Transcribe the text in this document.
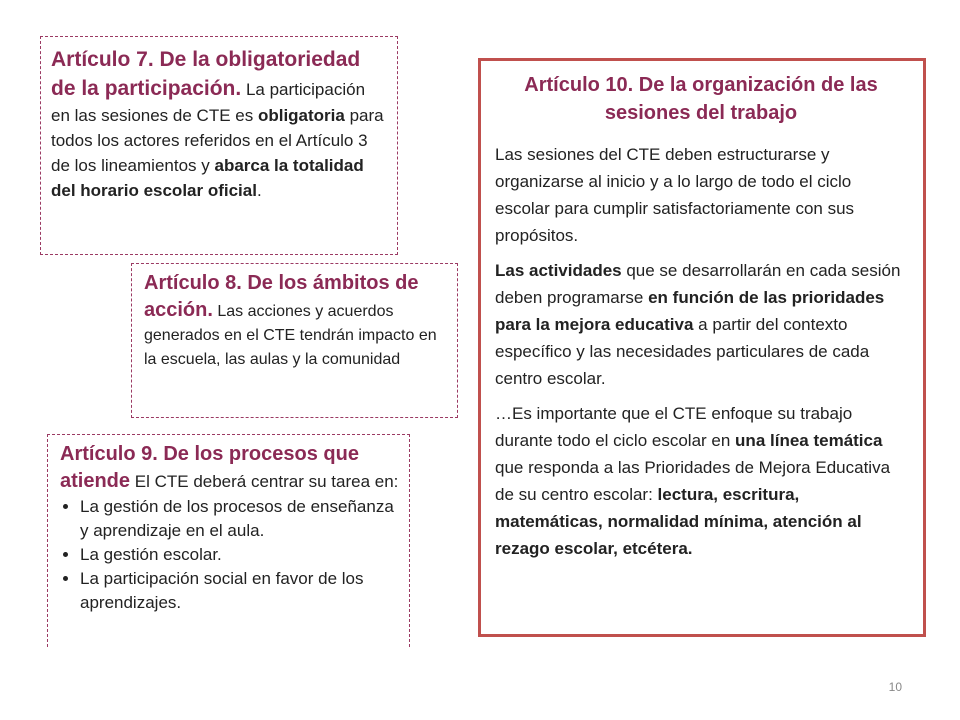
Artículo 7. De la obligatoriedad de la participación. La participación en las sesiones de CTE es obligatoria para todos los actores referidos en el Artículo 3 de los lineamientos y abarca la totalidad del horario escolar oficial.

Artículo 8. De los ámbitos de acción. Las acciones y acuerdos generados en el CTE tendrán impacto en la escuela, las aulas y la comunidad

Artículo 9. De los procesos que atiende El CTE deberá centrar su tarea en:

• La gestión de los procesos de enseñanza y aprendizaje en el aula.
• La gestión escolar.
• La participación social en favor de los aprendizajes.

Artículo 10. De la organización de las sesiones del trabajo

Las sesiones del CTE deben estructurarse y organizarse al inicio y a lo largo de todo el ciclo escolar para cumplir satisfactoriamente con sus propósitos.

Las actividades que se desarrollarán en cada sesión deben programarse en función de las prioridades para la mejora educativa a partir del contexto específico y las necesidades particulares de cada centro escolar.

…Es importante que el CTE enfoque su trabajo durante todo el ciclo escolar en una línea temática que responda a las Prioridades de Mejora Educativa de su centro escolar: lectura, escritura, matemáticas, normalidad mínima, atención al rezago escolar, etcétera.

10
